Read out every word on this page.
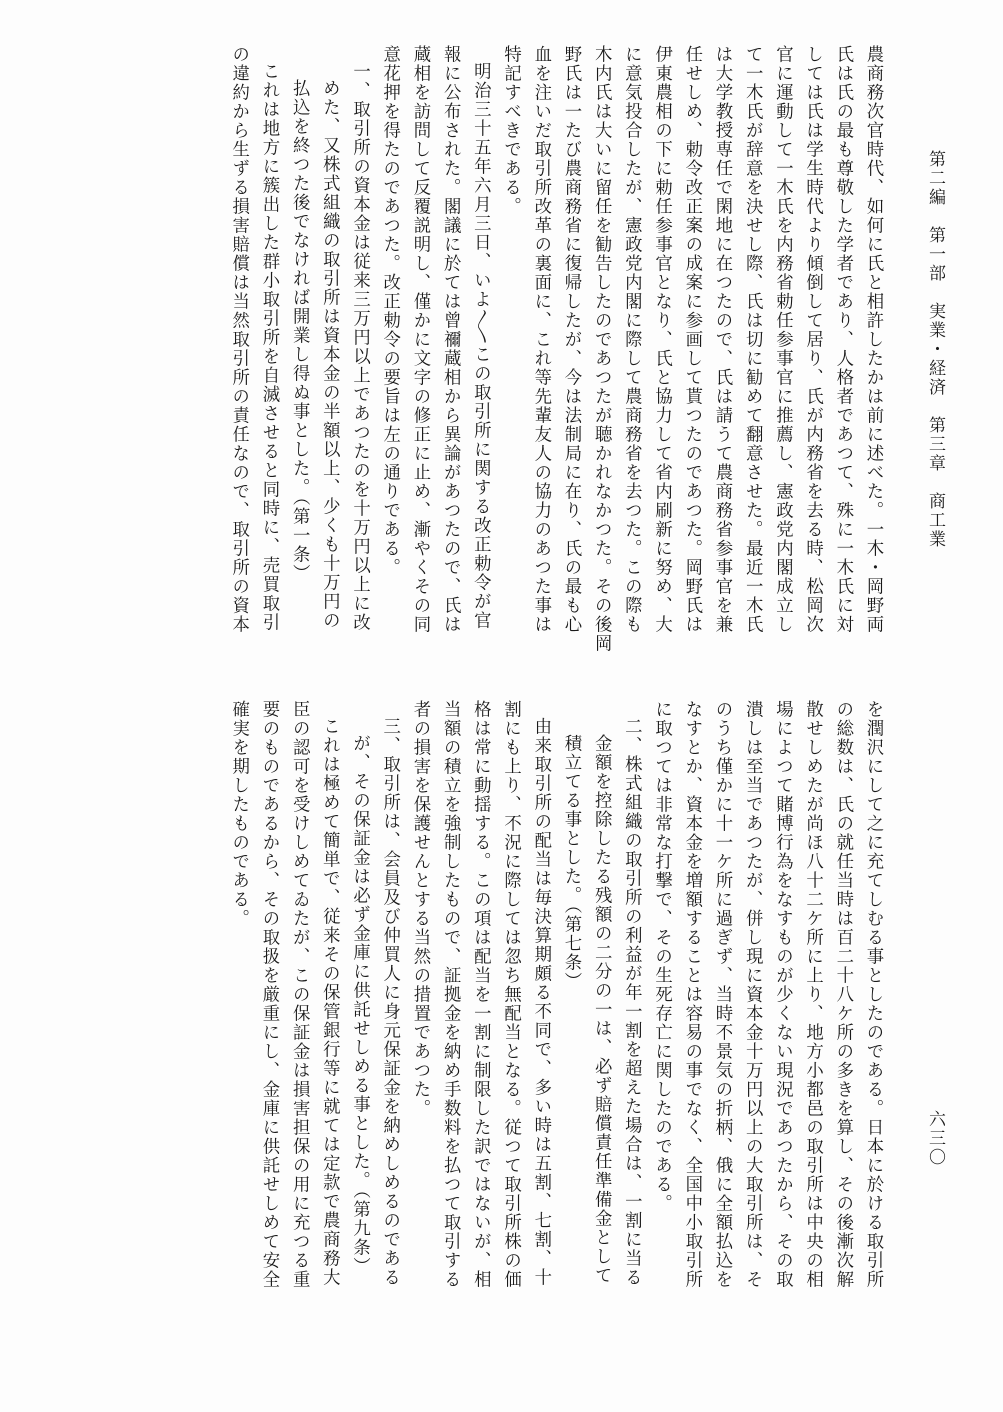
第二編　第一部　実業・経済　第三章　商工業
六三〇
農商務次官時代、如何に氏と相許したかは前に述べた。一木・岡野両
氏は氏の最も尊敬した学者であり、人格者であつて、殊に一木氏に対
しては氏は学生時代より傾倒して居り、氏が内務省を去る時、松岡次
官に運動して一木氏を内務省勅任参事官に推薦し、憲政党内閣成立し
て一木氏が辞意を決せし際、氏は切に勧めて翻意させた。最近一木氏
は大学教授専任で閑地に在つたので、氏は請うて農商務省参事官を兼
任せしめ、勅令改正案の成案に参画して貰つたのであつた。岡野氏は
伊東農相の下に勅任参事官となり、氏と協力して省内刷新に努め、大
に意気投合したが、憲政党内閣に際して農商務省を去つた。この際も
木内氏は大いに留任を勧告したのであつたが聴かれなかつた。その後岡
野氏は一たび農商務省に復帰したが、今は法制局に在り、氏の最も心
血を注いだ取引所改革の裏面に、これ等先輩友人の協力のあつた事は
特記すべきである。
明治三十五年六月三日、いよ〳〵この取引所に関する改正勅令が官
報に公布された。閣議に於ては曾禰蔵相から異論があつたので、氏は
蔵相を訪問して反覆説明し、僅かに文字の修正に止め、漸やくその同
意花押を得たのであつた。改正勅令の要旨は左の通りである。
一、取引所の資本金は従来三万円以上であつたのを十万円以上に改
めた、又株式組織の取引所は資本金の半額以上、少くも十万円の
払込を終つた後でなければ開業し得ぬ事とした。（第一条）
これは地方に簇出した群小取引所を自滅させると同時に、売買取引
の違約から生ずる損害賠償は当然取引所の責任なので、取引所の資本
を潤沢にして之に充てしむる事としたのである。日本に於ける取引所
の総数は、氏の就任当時は百二十八ケ所の多きを算し、その後漸次解
散せしめたが尚ほ八十二ケ所に上り、地方小都邑の取引所は中央の相
場によつて賭博行為をなすものが少くない現況であつたから、その取
潰しは至当であつたが、併し現に資本金十万円以上の大取引所は、そ
のうち僅かに十一ケ所に過ぎず、当時不景気の折柄、俄に全額払込を
なすとか、資本金を増額することは容易の事でなく、全国中小取引所
に取つては非常な打撃で、その生死存亡に関したのである。
二、株式組織の取引所の利益が年一割を超えた場合は、一割に当る
金額を控除したる残額の二分の一は、必ず賠償責任準備金として
積立てる事とした。（第七条）
由来取引所の配当は毎決算期頗る不同で、多い時は五割、七割、十
割にも上り、不況に際しては忽ち無配当となる。従つて取引所株の価
格は常に動揺する。この項は配当を一割に制限した訳ではないが、相
当額の積立を強制したもので、証拠金を納め手数料を払つて取引する
者の損害を保護せんとする当然の措置であつた。
三、取引所は、会員及び仲買人に身元保証金を納めしめるのである
が、その保証金は必ず金庫に供託せしめる事とした。（第九条）
これは極めて簡単で、従来その保管銀行等に就ては定款で農商務大
臣の認可を受けしめてゐたが、この保証金は損害担保の用に充つる重
要のものであるから、その取扱を厳重にし、金庫に供託せしめて安全
確実を期したものである。
